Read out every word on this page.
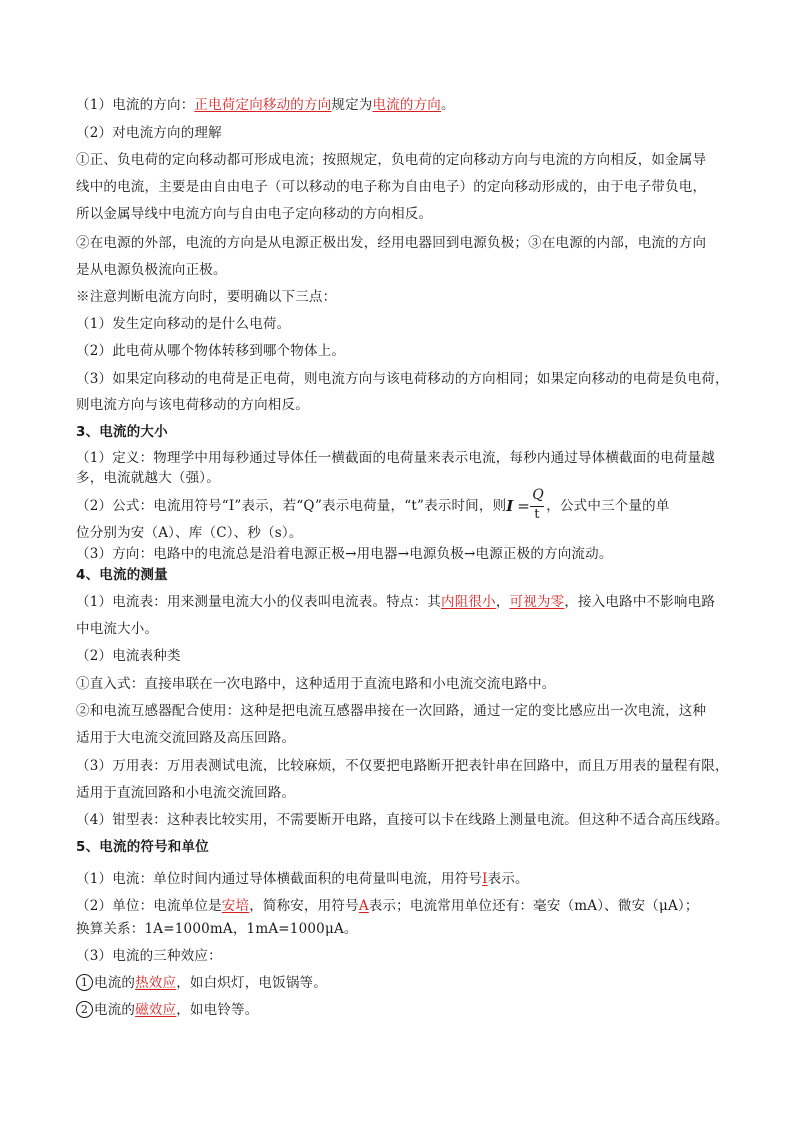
（1）电流的方向：正电荷定向移动的方向规定为电流的方向。
（2）对电流方向的理解
①正、负电荷的定向移动都可形成电流；按照规定，负电荷的定向移动方向与电流的方向相反，如金属导
线中的电流，主要是由自由电子（可以移动的电子称为自由电子）的定向移动形成的，由于电子带负电，
所以金属导线中电流方向与自由电子定向移动的方向相反。
②在电源的外部，电流的方向是从电源正极出发，经用电器回到电源负极；③在电源的内部，电流的方向
是从电源负极流向正极。
※注意判断电流方向时，要明确以下三点：
（1）发生定向移动的是什么电荷。
（2）此电荷从哪个物体转移到哪个物体上。
（3）如果定向移动的电荷是正电荷，则电流方向与该电荷移动的方向相同；如果定向移动的电荷是负电荷，
则电流方向与该电荷移动的方向相反。
3、电流的大小
（1）定义：物理学中用每秒通过导体任一横截面的电荷量来表示电流，每秒内通过导体横截面的电荷量越
多，电流就越大（强）。
（2）公式：电流用符号“I”表示，若“Q”表示电荷量，“t”表示时间，则 I =
Q
t
，公式中三个量的单
位分别为安（A）、库（C）、秒（s）。
（3）方向：电路中的电流总是沿着电源正极→用电器→电源负极→电源正极的方向流动。
4、电流的测量
（1）电流表：用来测量电流大小的仪表叫电流表。特点：其内阻很小，可视为零，接入电路中不影响电路
中电流大小。
（2）电流表种类
①直入式：直接串联在一次电路中，这种适用于直流电路和小电流交流电路中。
②和电流互感器配合使用：这种是把电流互感器串接在一次回路，通过一定的变比感应出一次电流，这种
适用于大电流交流回路及高压回路。
（3）万用表：万用表测试电流，比较麻烦，不仅要把电路断开把表针串在回路中，而且万用表的量程有限，
适用于直流回路和小电流交流回路。
（4）钳型表：这种表比较实用，不需要断开电路，直接可以卡在线路上测量电流。但这种不适合高压线路。
5、电流的符号和单位
（1）电流：单位时间内通过导体横截面积的电荷量叫电流，用符号I表示。
（2）单位：电流单位是安培，简称安，用符号A表示；电流常用单位还有：毫安（mA）、微安（μA）；
换算关系：1A=1000mA，1mA=1000μA。
（3）电流的三种效应：
1 电流的热效应，如白炽灯，电饭锅等。
2 电流的磁效应，如电铃等。
